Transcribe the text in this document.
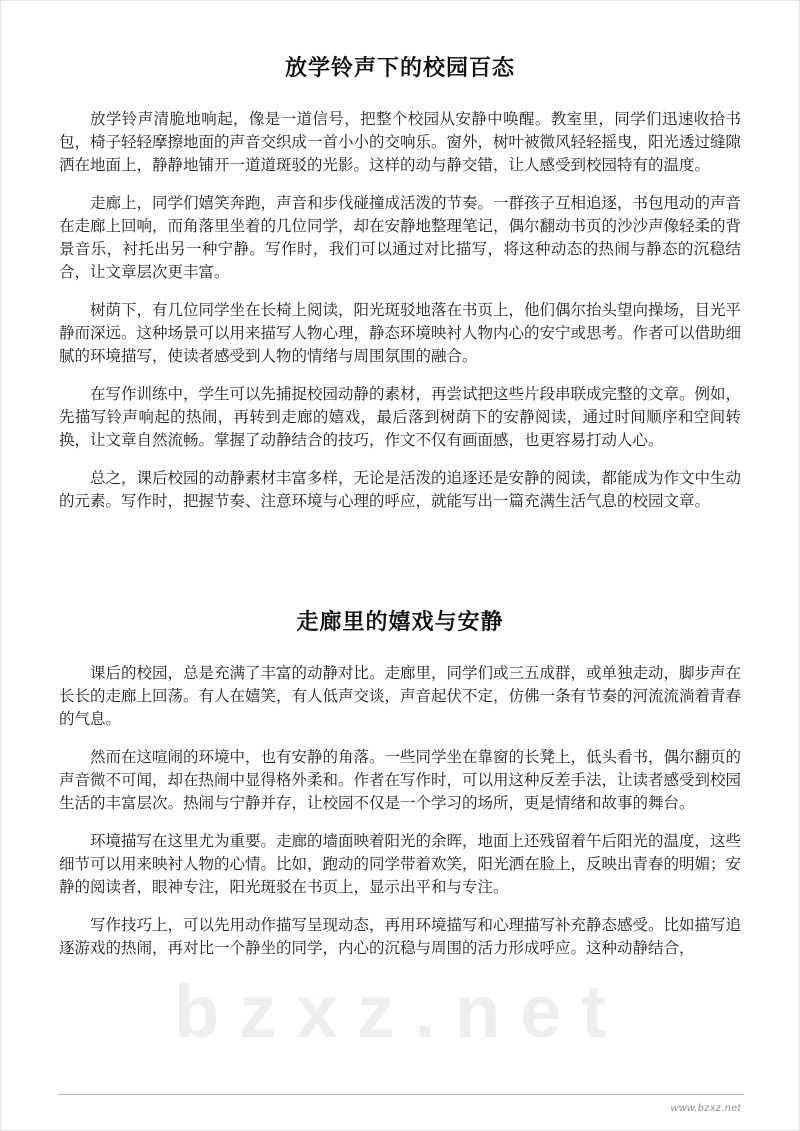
bzxz.net
放学铃声下的校园百态

放学铃声清脆地响起，像是一道信号，把整个校园从安静中唤醒。教室里，同学们迅速收拾书包，椅子轻轻摩擦地面的声音交织成一首小小的交响乐。窗外，树叶被微风轻轻摇曳，阳光透过缝隙洒在地面上，静静地铺开一道道斑驳的光影。这样的动与静交错，让人感受到校园特有的温度。

走廊上，同学们嬉笑奔跑，声音和步伐碰撞成活泼的节奏。一群孩子互相追逐，书包甩动的声音在走廊上回响，而角落里坐着的几位同学，却在安静地整理笔记，偶尔翻动书页的沙沙声像轻柔的背景音乐，衬托出另一种宁静。写作时，我们可以通过对比描写，将这种动态的热闹与静态的沉稳结合，让文章层次更丰富。

树荫下，有几位同学坐在长椅上阅读，阳光斑驳地落在书页上，他们偶尔抬头望向操场，目光平静而深远。这种场景可以用来描写人物心理，静态环境映衬人物内心的安宁或思考。作者可以借助细腻的环境描写，使读者感受到人物的情绪与周围氛围的融合。

在写作训练中，学生可以先捕捉校园动静的素材，再尝试把这些片段串联成完整的文章。例如，先描写铃声响起的热闹，再转到走廊的嬉戏，最后落到树荫下的安静阅读，通过时间顺序和空间转换，让文章自然流畅。掌握了动静结合的技巧，作文不仅有画面感，也更容易打动人心。

总之，课后校园的动静素材丰富多样，无论是活泼的追逐还是安静的阅读，都能成为作文中生动的元素。写作时，把握节奏、注意环境与心理的呼应，就能写出一篇充满生活气息的校园文章。

走廊里的嬉戏与安静

课后的校园，总是充满了丰富的动静对比。走廊里，同学们或三五成群，或单独走动，脚步声在长长的走廊上回荡。有人在嬉笑，有人低声交谈，声音起伏不定，仿佛一条有节奏的河流流淌着青春的气息。

然而在这喧闹的环境中，也有安静的角落。一些同学坐在靠窗的长凳上，低头看书，偶尔翻页的声音微不可闻，却在热闹中显得格外柔和。作者在写作时，可以用这种反差手法，让读者感受到校园生活的丰富层次。热闹与宁静并存，让校园不仅是一个学习的场所，更是情绪和故事的舞台。

环境描写在这里尤为重要。走廊的墙面映着阳光的余晖，地面上还残留着午后阳光的温度，这些细节可以用来映衬人物的心情。比如，跑动的同学带着欢笑，阳光洒在脸上，反映出青春的明媚；安静的阅读者，眼神专注，阳光斑驳在书页上，显示出平和与专注。

写作技巧上，可以先用动作描写呈现动态，再用环境描写和心理描写补充静态感受。比如描写追逐游戏的热闹，再对比一个静坐的同学，内心的沉稳与周围的活力形成呼应。这种动静结合，

www.bzxz.net
